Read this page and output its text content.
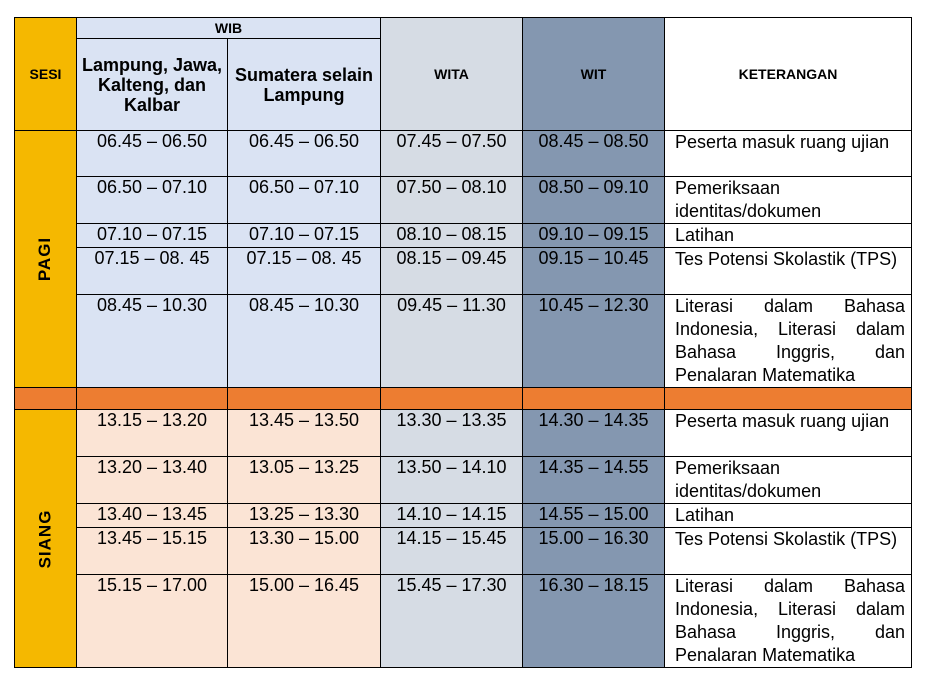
SESI	WIB		WITA	WIT	KETERANGAN
	Lampung, Jawa, Kalteng, dan Kalbar	Sumatera selain Lampung			
PAGI	06.45 – 06.50	06.45 – 06.50	07.45 – 07.50	08.45 – 08.50	Peserta masuk ruang ujian
	06.50 – 07.10	06.50 – 07.10	07.50 – 08.10	08.50 – 09.10	Pemeriksaan identitas/dokumen
	07.10 – 07.15	07.10 – 07.15	08.10 – 08.15	09.10 – 09.15	Latihan
	07.15 – 08. 45	07.15 – 08. 45	08.15 – 09.45	09.15 – 10.45	Tes Potensi Skolastik (TPS)
	08.45 – 10.30	08.45 – 10.30	09.45 – 11.30	10.45 – 12.30	Literasi dalam Bahasa Indonesia, Literasi dalam Bahasa Inggris, dan Penalaran Matematika

SIANG	13.15 – 13.20	13.45 – 13.50	13.30 – 13.35	14.30 – 14.35	Peserta masuk ruang ujian
	13.20 – 13.40	13.05 – 13.25	13.50 – 14.10	14.35 – 14.55	Pemeriksaan identitas/dokumen
	13.40 – 13.45	13.25 – 13.30	14.10 – 14.15	14.55 – 15.00	Latihan
	13.45 – 15.15	13.30 – 15.00	14.15 – 15.45	15.00 – 16.30	Tes Potensi Skolastik (TPS)
	15.15 – 17.00	15.00 – 16.45	15.45 – 17.30	16.30 – 18.15	Literasi dalam Bahasa Indonesia, Literasi dalam Bahasa Inggris, dan Penalaran Matematika
